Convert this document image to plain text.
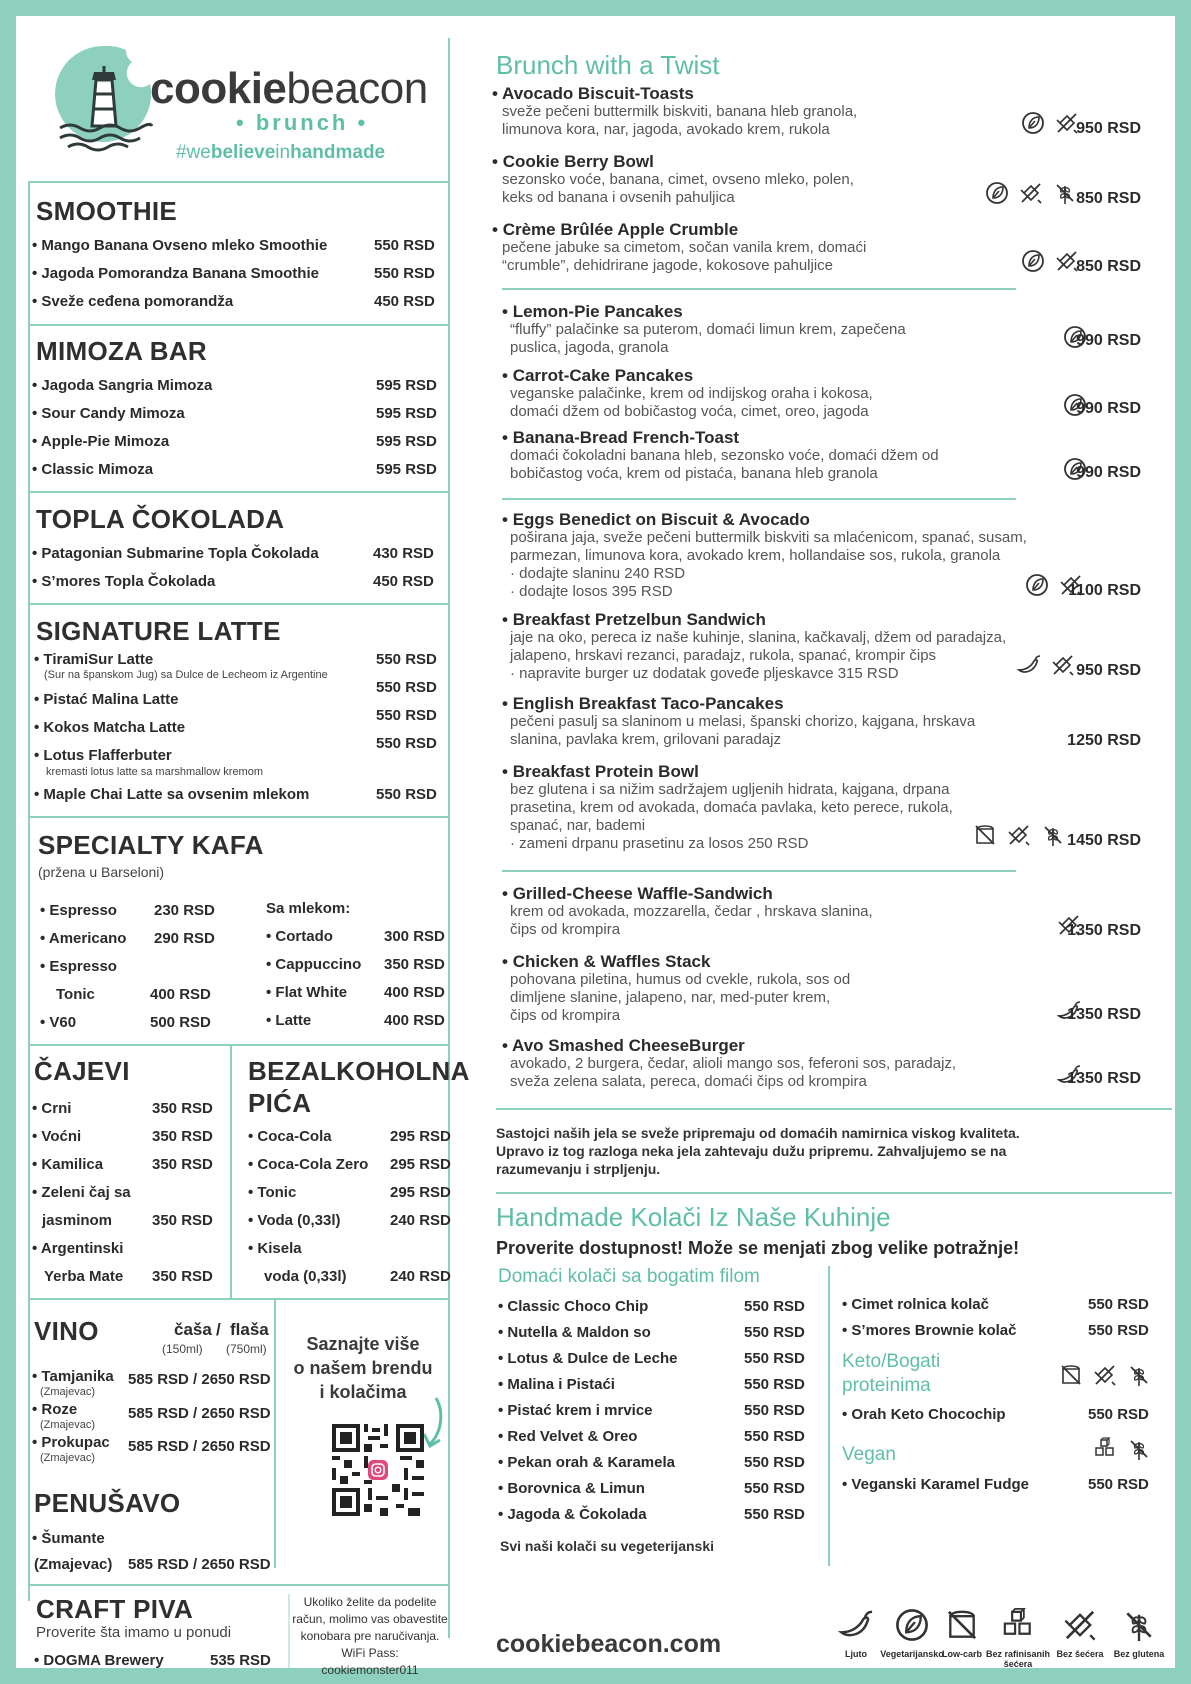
cookiebeacon
• brunch •
#webelieveinhandmade
SMOOTHIE
• Mango Banana Ovseno mleko Smoothie	550 RSD
• Jagoda Pomorandza Banana Smoothie	550 RSD
• Sveže ceđena pomorandža	450 RSD
MIMOZA BAR
• Jagoda Sangria Mimoza	595 RSD
• Sour Candy Mimoza	595 RSD
• Apple-Pie Mimoza	595 RSD
• Classic Mimoza	595 RSD
TOPLA ČOKOLADA
• Patagonian Submarine Topla Čokolada	430 RSD
• S’mores Topla Čokolada	450 RSD
SIGNATURE LATTE
• TiramiSur Latte
(Sur na španskom Jug) sa Dulce de Lecheom iz Argentine
550 RSD
• Pistać Malina Latte
550 RSD
• Kokos Matcha Latte
550 RSD
• Lotus Flafferbuter
kremasti lotus latte sa marshmallow kremom
550 RSD
• Maple Chai Latte sa ovsenim mlekom	550 RSD
SPECIALTY KAFA
(pržena u Barseloni)
• Espresso 230 RSD
• Americano 290 RSD
• Espresso
Tonic	400 RSD
• V60	500 RSD
Sa mlekom:
• Cortado	300 RSD
• Cappuccino 350 RSD
• Flat White 400 RSD
• Latte	400 RSD
ČAJEVI
• Crni	350 RSD
• Voćni	350 RSD
• Kamilica	350 RSD
• Zeleni čaj sa
jasminom	350 RSD
• Argentinski
Yerba Mate 350 RSD
BEZALKOHOLNA
PIĆA
• Coca-Cola	295 RSD
• Coca-Cola Zero 295 RSD
• Tonic	295 RSD
• Voda (0,33l)	240 RSD
• Kisela
voda (0,33l)	240 RSD
VINO	čaša / flaša
(150ml) (750ml)
• Tamjanika
(Zmajevac)
585 RSD / 2650 RSD
• Roze
(Zmajevac)
585 RSD / 2650 RSD
• Prokupac
(Zmajevac)
585 RSD / 2650 RSD
PENUŠAVO
• Šumante
(Zmajevac) 585 RSD / 2650 RSD
Saznajte više
o našem brendu
i kolačima
CRAFT PIVA
Proverite šta imamo u ponudi
• DOGMA Brewery	535 RSD
Ukoliko želite da podelite
račun, molimo vas obavestite
konobara pre naručivanja.
WiFi Pass: cookiemonster011
Brunch with a Twist
• Avocado Biscuit-Toasts
sveže pečeni buttermilk biskviti, banana hleb granola,
limunova kora, nar, jagoda, avokado krem, rukola	950 RSD
• Cookie Berry Bowl
sezonsko voće, banana, cimet, ovseno mleko, polen,
keks od banana i ovsenih pahuljica	850 RSD
• Crème Brûlée Apple Crumble
pečene jabuke sa cimetom, sočan vanila krem, domaći
“crumble”, dehidrirane jagode, kokosove pahuljice	850 RSD
• Lemon-Pie Pancakes
“fluffy” palačinke sa puterom, domaći limun krem, zapečena
puslica, jagoda, granola	990 RSD
• Carrot-Cake Pancakes
veganske palačinke, krem od indijskog oraha i kokosa,
domaći džem od bobičastog voća, cimet, oreo, jagoda	990 RSD
• Banana-Bread French-Toast
domaći čokoladni banana hleb, sezonsko voće, domaći džem od
bobičastog voća, krem od pistaća, banana hleb granola	990 RSD
• Eggs Benedict on Biscuit & Avocado
poširana jaja, sveže pečeni buttermilk biskviti sa mlaćenicom, spanać, susam,
parmezan, limunova kora, avokado krem, hollandaise sos, rukola, granola
· dodajte slaninu 240 RSD
· dodajte losos 395 RSD	1100 RSD
• Breakfast Pretzelbun Sandwich
jaje na oko, pereca iz naše kuhinje, slanina, kačkavalj, džem od paradajza,
jalapeno, hrskavi rezanci, paradajz, rukola, spanać, krompir čips
· napravite burger uz dodatak goveđe pljeskavce 315 RSD	950 RSD
• English Breakfast Taco-Pancakes
pečeni pasulj sa slaninom u melasi, španski chorizo, kajgana, hrskava
slanina, pavlaka krem, grilovani paradajz	1250 RSD
• Breakfast Protein Bowl
bez glutena i sa nižim sadržajem ugljenih hidrata, kajgana, drpana
prasetina, krem od avokada, domaća pavlaka, keto perece, rukola,
spanać, nar, bademi
· zameni drpanu prasetinu za losos 250 RSD	1450 RSD
• Grilled-Cheese Waffle-Sandwich
krem od avokada, mozzarella, čedar , hrskava slanina,
čips od krompira	1350 RSD
• Chicken & Waffles Stack
pohovana piletina, humus od cvekle, rukola, sos od
dimljene slanine, jalapeno, nar, med-puter krem,
čips od krompira	1350 RSD
• Avo Smashed CheeseBurger
avokado, 2 burgera, čedar, alioli mango sos, feferoni sos, paradajz,
sveža zelena salata, pereca, domaći čips od krompira	1350 RSD
Sastojci naših jela se sveže pripremaju od domaćih namirnica viskog kvaliteta.
Upravo iz tog razloga neka jela zahtevaju dužu pripremu. Zahvaljujemo se na
razumevanju i strpljenju.
Handmade Kolači Iz Naše Kuhinje
Proverite dostupnost! Može se menjati zbog velike potražnje!
Domaći kolači sa bogatim filom
• Classic Choco Chip	550 RSD
• Nutella & Maldon so	550 RSD
• Lotus & Dulce de Leche	550 RSD
• Malina i Pistaći	550 RSD
• Pistać krem i mrvice	550 RSD
• Red Velvet & Oreo	550 RSD
• Pekan orah & Karamela	550 RSD
• Borovnica & Limun	550 RSD
• Jagoda & Čokolada	550 RSD
Svi naši kolači su vegeterijanski
• Cimet rolnica kolač	550 RSD
• S’mores Brownie kolač	550 RSD
Keto/Bogati
proteinima
• Orah Keto Chocochip	550 RSD
Vegan
• Veganski Karamel Fudge	550 RSD
cookiebeacon.com	Ljuto	Vegetarijansko
Low-carb Bez rafinisanih šećera
Bez šećera	Bez glutena
